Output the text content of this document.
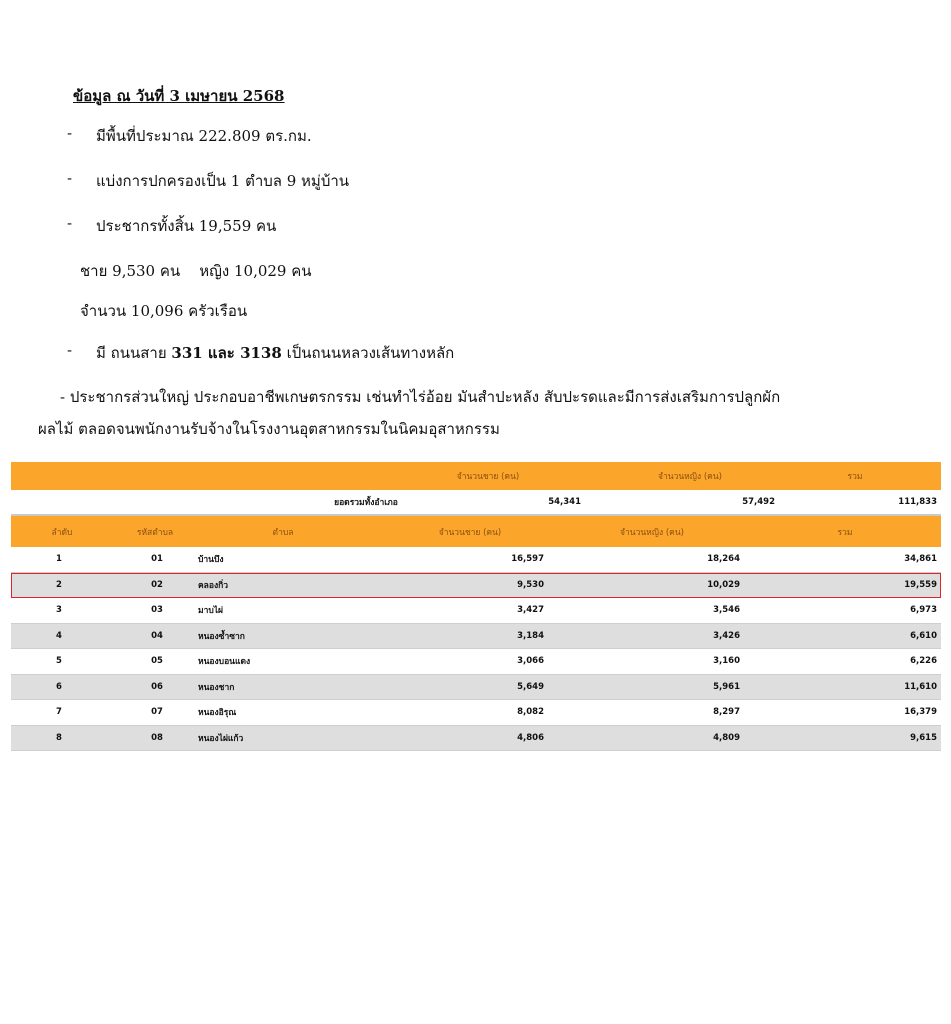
ข้อมูล ณ วันที่ 3 เมษายน 2568
- มีพื้นที่ประมาณ 222.809 ตร.กม.
- แบ่งการปกครองเป็น 1 ตำบล 9 หมู่บ้าน
- ประชากรทั้งสิ้น 19,559 คน
ชาย 9,530 คน    หญิง 10,029 คน
จำนวน 10,096 ครัวเรือน
- มี ถนนสาย 331 และ 3138 เป็นถนนหลวงเส้นทางหลัก
- ประชากรส่วนใหญ่ ประกอบอาชีพเกษตรกรรม เช่นทำไร่อ้อย มันสำปะหลัง สับปะรดและมีการส่งเสริมการปลูกผัก
ผลไม้ ตลอดจนพนักงานรับจ้างในโรงงานอุตสาหกรรมในนิคมอุสาหกรรม
จำนวนชาย (คน)	จำนวนหญิง (คน)	รวม
ยอดรวมทั้งอำเภอ	54,341	57,492	111,833
ลำดับ	รหัสตำบล	ตำบล	จำนวนชาย (คน)	จำนวนหญิง (คน)	รวม
1	01	บ้านบึง	16,597	18,264	34,861
2	02	คลองกิ่ว	9,530	10,029	19,559
3	03	มาบไผ่	3,427	3,546	6,973
4	04	หนองซ้ำซาก	3,184	3,426	6,610
5	05	หนองบอนแดง	3,066	3,160	6,226
6	06	หนองชาก	5,649	5,961	11,610
7	07	หนองอิรุณ	8,082	8,297	16,379
8	08	หนองไผ่แก้ว	4,806	4,809	9,615
